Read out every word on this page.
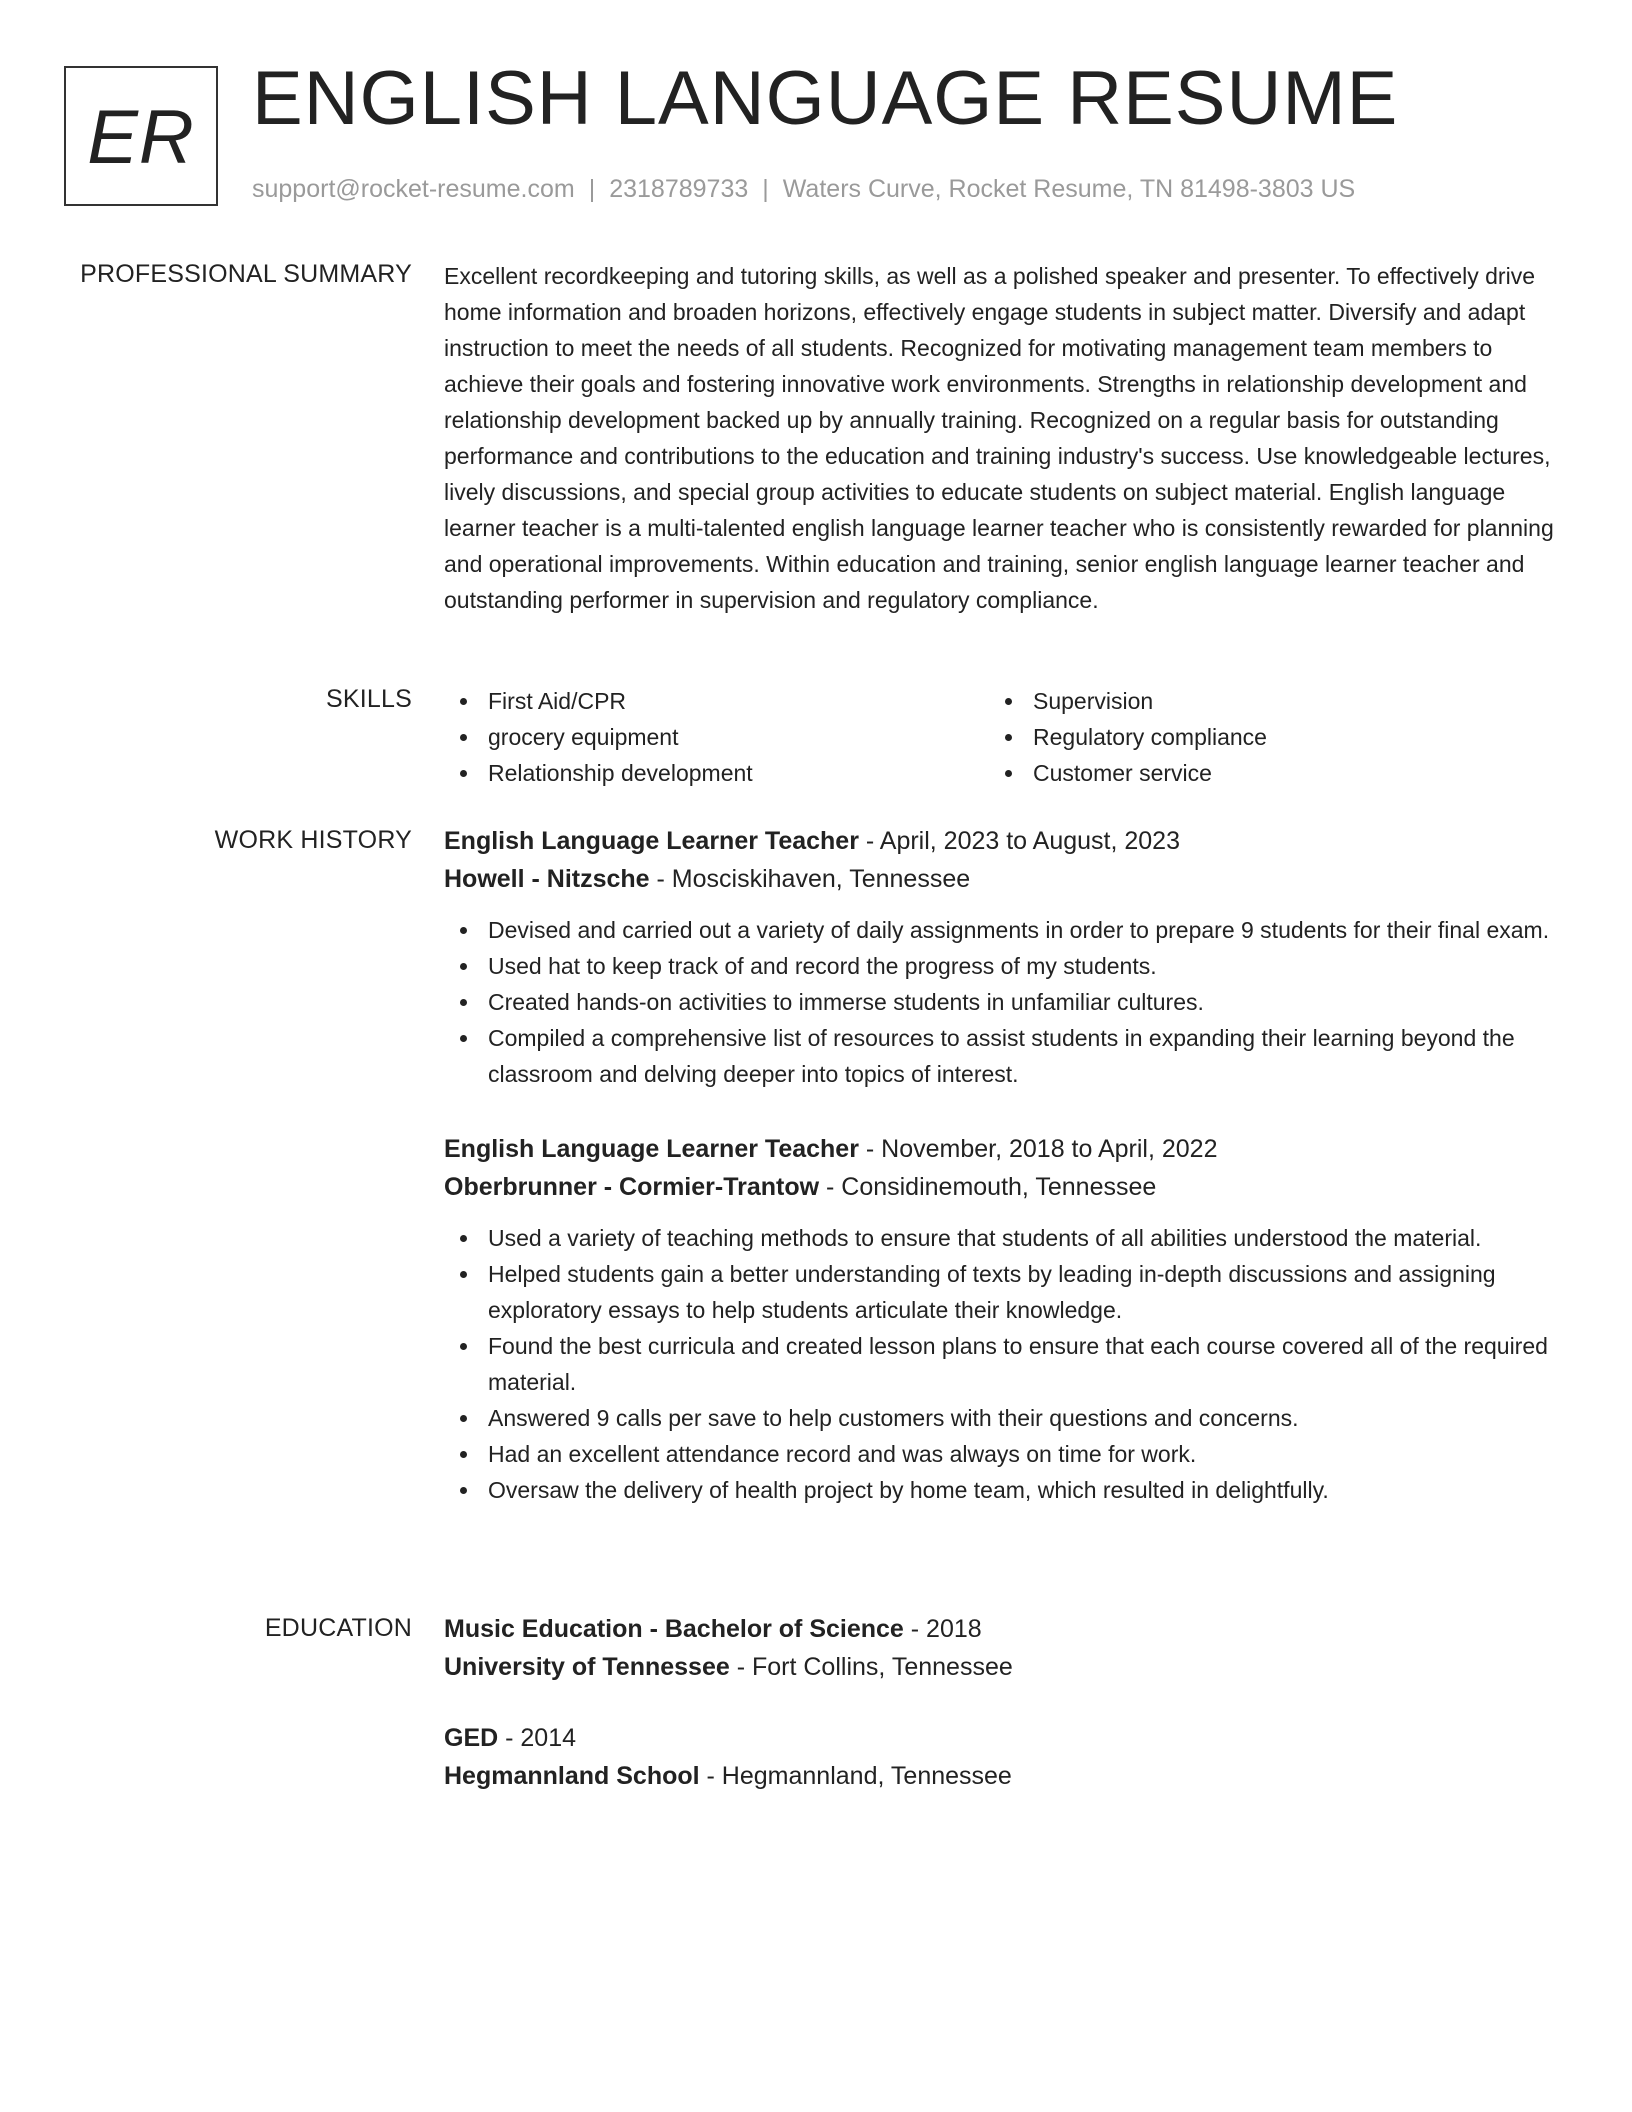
ER ENGLISH LANGUAGE RESUME
support@rocket-resume.com | 2318789733 | Waters Curve, Rocket Resume, TN 81498-3803 US
PROFESSIONAL SUMMARY Excellent recordkeeping and tutoring skills, as well as a polished speaker and presenter. To effectively drive home information and broaden horizons, effectively engage students in subject matter. Diversify and adapt instruction to meet the needs of all students. Recognized for motivating management team members to achieve their goals and fostering innovative work environments. Strengths in relationship development and relationship development backed up by annually training. Recognized on a regular basis for outstanding performance and contributions to the education and training industry's success. Use knowledgeable lectures, lively discussions, and special group activities to educate students on subject material. English language learner teacher is a multi-talented english language learner teacher who is consistently rewarded for planning and operational improvements. Within education and training, senior english language learner teacher and outstanding performer in supervision and regulatory compliance.

SKILLS	First Aid/CPR	Supervision
grocery equipment	Regulatory compliance
Relationship development	Customer service
WORK HISTORY English Language Learner Teacher - April, 2023 to August, 2023

Howell - Nitzsche - Mosciskihaven, Tennessee

Devised and carried out a variety of daily assignments in order to prepare 9 students for their final exam.
Used hat to keep track of and record the progress of my students.
Created hands-on activities to immerse students in unfamiliar cultures.
Compiled a comprehensive list of resources to assist students in expanding their learning beyond the classroom and delving deeper into topics of interest.

English Language Learner Teacher - November, 2018 to April, 2022

Oberbrunner - Cormier-Trantow - Considinemouth, Tennessee

Used a variety of teaching methods to ensure that students of all abilities understood the material.
Helped students gain a better understanding of texts by leading in-depth discussions and assigning exploratory essays to help students articulate their knowledge.
Found the best curricula and created lesson plans to ensure that each course covered all of the required material.
Answered 9 calls per save to help customers with their questions and concerns.
Had an excellent attendance record and was always on time for work.
Oversaw the delivery of health project by home team, which resulted in delightfully.
EDUCATION Music Education - Bachelor of Science - 2018

University of Tennessee - Fort Collins, Tennessee

GED - 2014

Hegmannland School - Hegmannland, Tennessee
